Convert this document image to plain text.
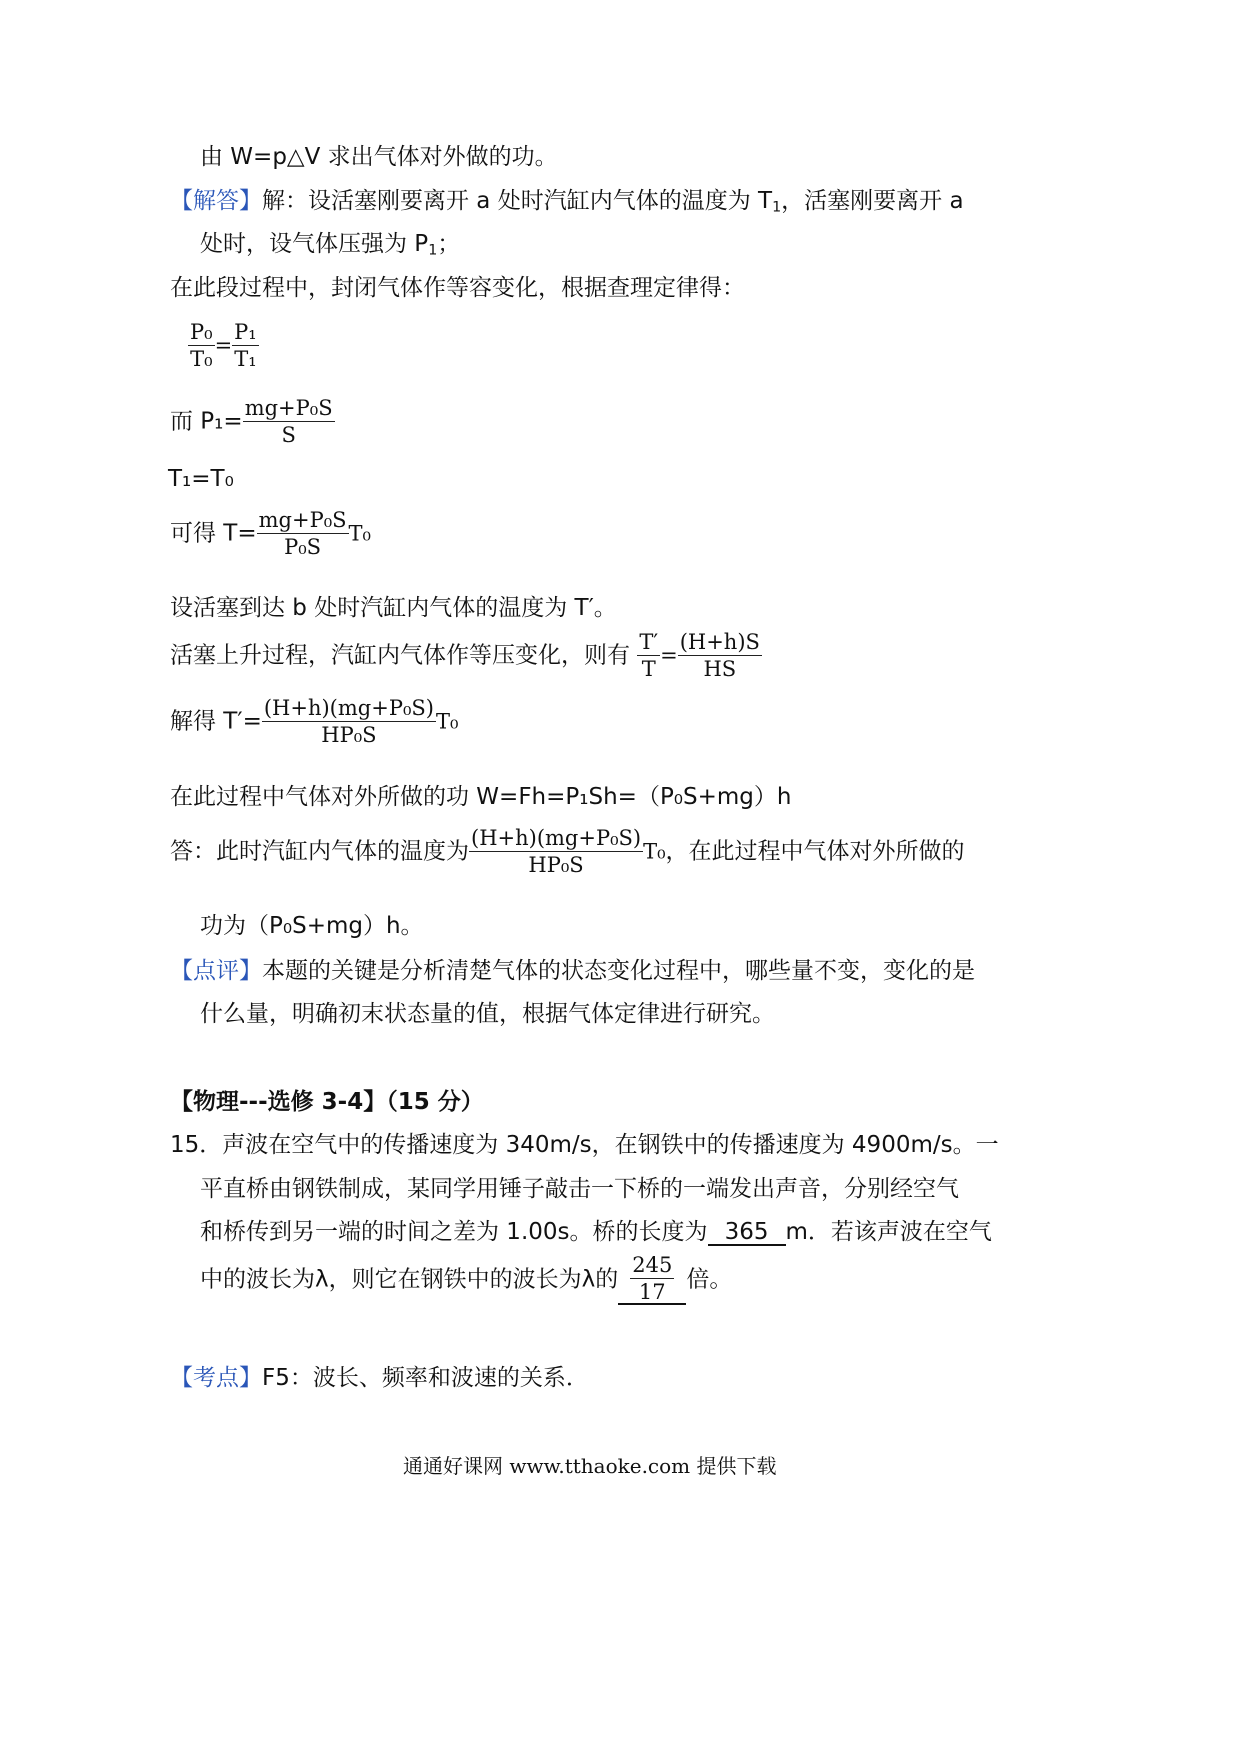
由 W=p△V 求出气体对外做的功。
【解答】解：设活塞刚要离开 a 处时汽缸内气体的温度为 $T_1$，活塞刚要离开 a
处时，设气体压强为 $P_1$；
在此段过程中，封闭气体作等容变化，根据查理定律得：
$\frac{\text{P₀}}{\text{T₀}} = \frac{\text{P₁}}{\text{T₁}}$
而 $P_1= \frac{\text{mg+P₀S}}{S}$
T₁=T₀
可得 $T= \frac{\text{mg+P₀S}}{\text{P₀S}} T_0$
设活塞到达 b 处时汽缸内气体的温度为 T′。
活塞上升过程，汽缸内气体作等压变化，则有 $\frac{T'}{T} = \frac{(H+h)S}{HS}$
解得 $T'= \frac{\text{(H+h)(mg+P₀S)}}{\text{HP₀S}} T_0$
在此过程中气体对外所做的功 W=Fh=P₁Sh=（P₀S+mg）h
答：此时汽缸内气体的温度为 $\frac{\text{(H+h)(mg+P₀S)}}{\text{HP₀S}} T_0$，在此过程中气体对外所做的
功为（P₀S+mg）h。
【点评】本题的关键是分析清楚气体的状态变化过程中，哪些量不变，变化的是
什么量，明确初末状态量的值，根据气体定律进行研究。
【物理---选修 3-4】（15 分）
15．声波在空气中的传播速度为 340m/s，在钢铁中的传播速度为 4900m/s。一
平直桥由钢铁制成，某同学用锤子敲击一下桥的一端发出声音，分别经空气
和桥传到另一端的时间之差为 1.00s。桥的长度为 365 m．若该声波在空气
中的波长为λ，则它在钢铁中的波长为λ的 $\frac{245}{17}$ 倍。
【考点】F5：波长、频率和波速的关系．
通通好课网 www.tthaoke.com 提供下载
